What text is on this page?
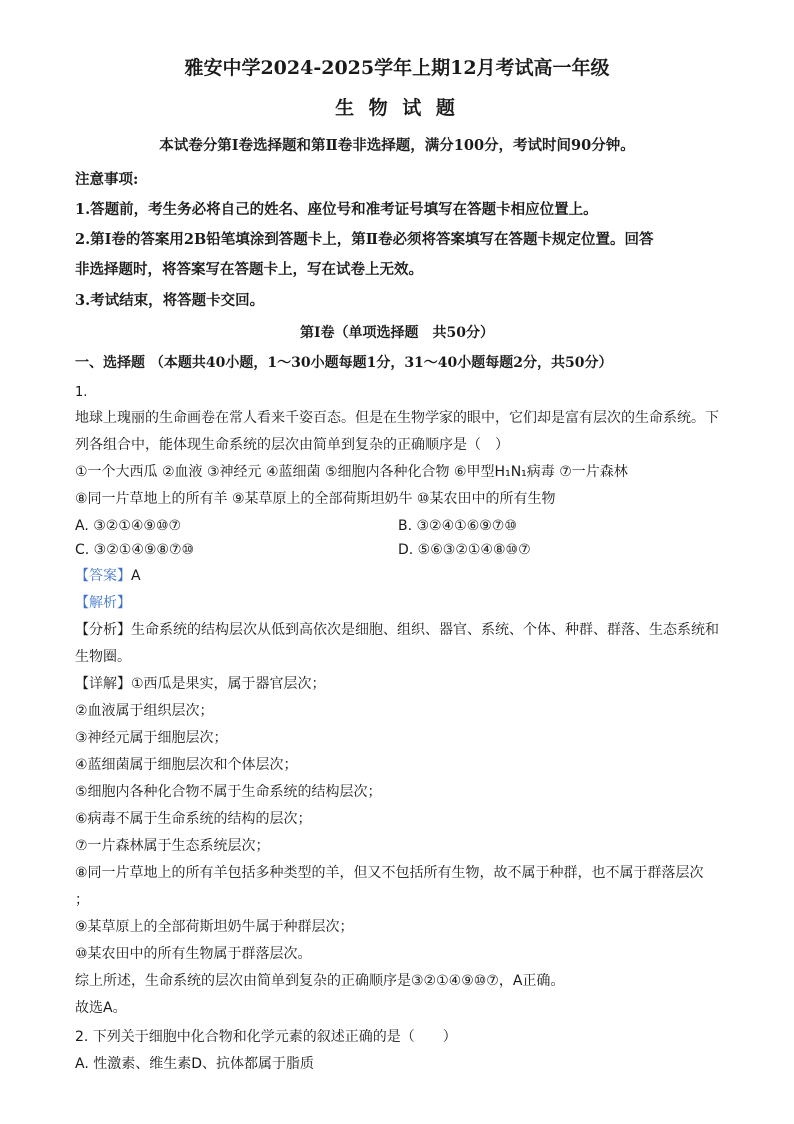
雅安中学2024-2025学年上期12月考试高一年级
生 物 试 题
本试卷分第Ⅰ卷选择题和第Ⅱ卷非选择题，满分100分，考试时间90分钟。
注意事项:
1.答题前，考生务必将自己的姓名、座位号和准考证号填写在答题卡相应位置上。
2.第Ⅰ卷的答案用2B铅笔填涂到答题卡上，第Ⅱ卷必须将答案填写在答题卡规定位置。回答
非选择题时，将答案写在答题卡上，写在试卷上无效。
3.考试结束，将答题卡交回。
第Ⅰ卷（单项选择题　共50分）
一、选择题 （本题共40小题，1～30小题每题1分，31～40小题每题2分，共50分）
1.
地球上瑰丽的生命画卷在常人看来千姿百态。但是在生物学家的眼中，它们却是富有层次的生命系统。下
列各组合中，能体现生命系统的层次由简单到复杂的正确顺序是（　）
①一个大西瓜 ②血液 ③神经元 ④蓝细菌 ⑤细胞内各种化合物 ⑥甲型H₁N₁病毒 ⑦一片森林
⑧同一片草地上的所有羊 ⑨某草原上的全部荷斯坦奶牛 ⑩某农田中的所有生物
A. ③②①④⑨⑩⑦	B. ③②④①⑥⑨⑦⑩
C. ③②①④⑨⑧⑦⑩	D. ⑤⑥③②①④⑧⑩⑦
【答案】A
【解析】
【分析】生命系统的结构层次从低到高依次是细胞、组织、器官、系统、个体、种群、群落、生态系统和
生物圈。
【详解】①西瓜是果实，属于器官层次；
②血液属于组织层次；
③神经元属于细胞层次；
④蓝细菌属于细胞层次和个体层次；
⑤细胞内各种化合物不属于生命系统的结构层次；
⑥病毒不属于生命系统的结构的层次；
⑦一片森林属于生态系统层次；
⑧同一片草地上的所有羊包括多种类型的羊，但又不包括所有生物，故不属于种群，也不属于群落层次
；
⑨某草原上的全部荷斯坦奶牛属于种群层次；
⑩某农田中的所有生物属于群落层次。
综上所述，生命系统的层次由简单到复杂的正确顺序是③②①④⑨⑩⑦，A正确。
故选A。
2. 下列关于细胞中化合物和化学元素的叙述正确的是（　　）
A. 性激素、维生素D、抗体都属于脂质
